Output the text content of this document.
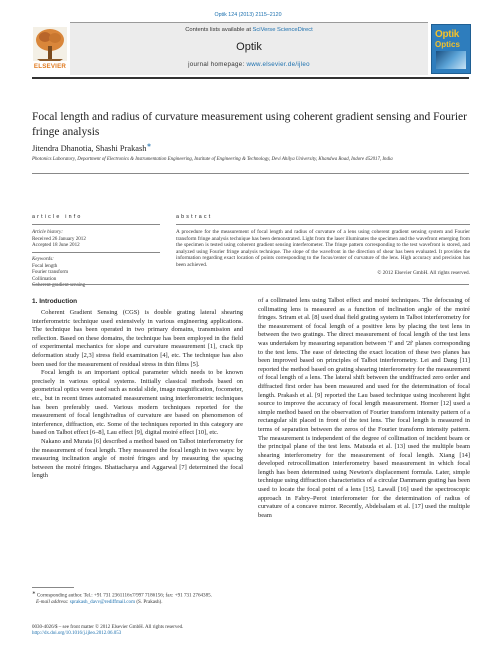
Optik 124 (2013) 2115–2120
ELSEVIER
Contents lists available at SciVerse ScienceDirect
Optik
journal homepage: www.elsevier.de/ijleo
Optik
Optics
Focal length and radius of curvature measurement using coherent gradient sensing and Fourier fringe analysis
Jitendra Dhanotia, Shashi Prakash∗
Photonics Laboratory, Department of Electronics & Instrumentation Engineering, Institute of Engineering & Technology, Devi Ahilya University, Khandwa Road, Indore 452017, India
article info
Article history:
Received 26 January 2012
Accepted 18 June 2012
Keywords:
Focal length
Fourier transform
Collimation
Coherent gradient sensing
abstract
A procedure for the measurement of focal length and radius of curvature of a lens using coherent gradient sensing system and Fourier transform fringe analysis technique has been demonstrated. Light from the laser illuminates the specimen and the wavefront emerging from the specimen is tested using coherent gradient sensing interferometer. The fringe pattern corresponding to the test wavefront is stored, and analyzed using Fourier fringe analysis technique. The slope of the wavefront in the direction of shear has been evaluated. It provides the information regarding exact location of points corresponding to the focus/center of curvature of the lens. High accuracy and precision has been achieved.
© 2012 Elsevier GmbH. All rights reserved.
1. Introduction

Coherent Gradient Sensing (CGS) is double grating lateral shearing interferometric technique used extensively in various engineering applications. The technique has been operated in two primary domains, transmission and reflection. Based on these domains, the technique has been employed in the field of experimental mechanics for slope and curvature measurement [1], crack tip deformation study [2,3] stress field examination [4], etc. The technique has also been used for the measurement of residual stress in thin films [5].

Focal length is an important optical parameter which needs to be known precisely in various optical systems. Initially classical methods based on geometrical optics were used such as nodal slide, image magnification, focometer, etc., but in recent times automated measurement using interferometric techniques has been preferably used. Various modern techniques reported for the measurement of focal length/radius of curvature are based on phenomenon of interference, diffraction, etc. Some of the techniques reported in this category are based on Talbot effect [6–8], Lau effect [9], digital moiré effect [10], etc.

Nakano and Murata [6] described a method based on Talbot interferometry for the measurement of focal length. They measured the focal length in two ways: by measuring inclination angle of moiré fringes and by measuring the spacing between the moiré fringes. Bhattacharya and Aggarwal [7] determined the focal length

of a collimated lens using Talbot effect and moiré techniques. The defocusing of collimating lens is measured as a function of inclination angle of the moiré fringes. Sriram et al. [8] used dual field grating system in Talbot interferometry for the measurement of focal length of a positive lens by placing the test lens in between the two gratings. The direct measurement of focal length of the test lens was undertaken by measuring separation between 'f' and '2f' planes corresponding to the test lens. The ease of detecting the exact location of these two planes has been improved based on principles of Talbot interferometry. Lei and Dang [11] reported the method based on grating shearing interferometry for the measurement of focal length of a lens. The lateral shift between the undiffracted zero order and diffracted first order has been measured and used for the determination of focal length. Prakash et al. [9] reported the Lau based technique using incoherent light source to improve the accuracy of focal length measurement. Horner [12] used a simple method based on the observation of Fourier transform intensity pattern of a rectangular slit placed in front of the test lens. The focal length is measured in terms of separation between the zeros of the Fourier transform intensity pattern. The measurement is independent of the degree of collimation of incident beam or the principal plane of the test lens. Matsuda et al. [13] used the multiple beam shearing interferometry for the measurement of focal length. Xiang [14] developed retrocollimation interferometry based measurement in which focal length has been determined using Newton's displacement formula. Later, simple technique using diffraction characteristics of a circular Dammann grating has been used to locate the focal point of a lens [15]. Lawall [16] used the spectroscopic approach in Fabry–Perot interferometer for the determination of radius of curvature of a concave mirror. Recently, Abdelsalam et al. [17] used the multiple beam
∗ Corresponding author. Tel.: +91 731 2361116x7/997 7186156; fax: +91 731 2764385.
E-mail address: sprakash_davv@rediffmail.com (S. Prakash).
0030-4026/$ – see front matter © 2012 Elsevier GmbH. All rights reserved.
http://dx.doi.org/10.1016/j.ijleo.2012.06.053
